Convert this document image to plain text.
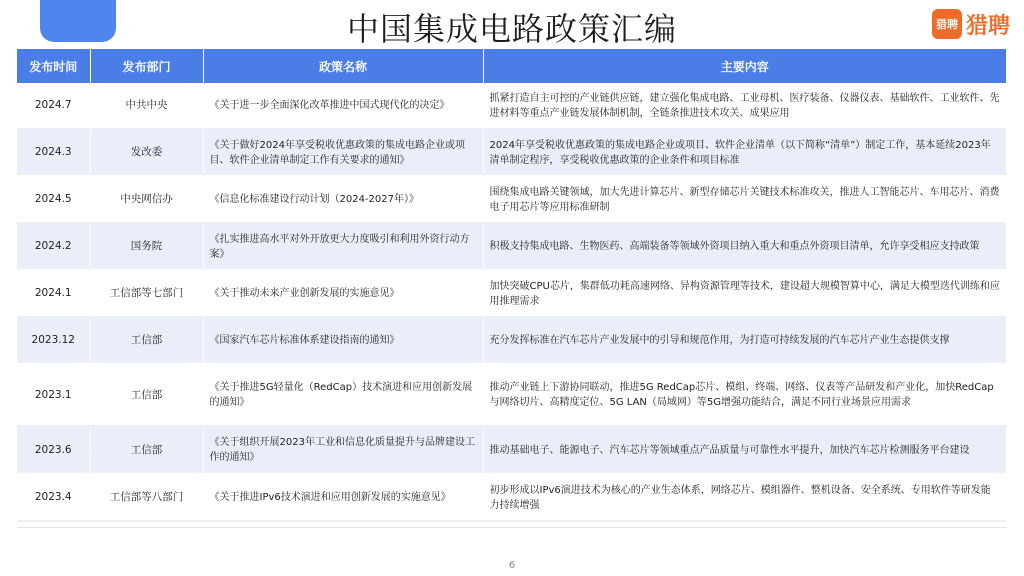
中国集成电路政策汇编	猎聘 猎聘
发布时间	发布部门	政策名称	主要内容
2024.7	中共中央	《关于进一步全面深化改革推进中国式现代化的决定》	抓紧打造自主可控的产业链供应链，建立强化集成电路、工业母机、医疗装备、仪器仪表、基础软件、工业软件、先进材料等重点产业链发展体制机制，全链条推进技术攻关、成果应用
2024.3	发改委	《关于做好2024年享受税收优惠政策的集成电路企业或项目、软件企业清单制定工作有关要求的通知》	2024年享受税收优惠政策的集成电路企业或项目、软件企业清单（以下简称“清单”）制定工作，基本延续2023年清单制定程序，享受税收优惠政策的企业条件和项目标准
2024.5	中央网信办	《信息化标准建设行动计划（2024-2027年）》	围绕集成电路关键领域，加大先进计算芯片、新型存储芯片关键技术标准攻关，推进人工智能芯片、车用芯片、消费电子用芯片等应用标准研制
2024.2	国务院	《扎实推进高水平对外开放更大力度吸引和利用外资行动方案》	积极支持集成电路、生物医药、高端装备等领域外资项目纳入重大和重点外资项目清单，允许享受相应支持政策
2024.1	工信部等七部门	《关于推动未来产业创新发展的实施意见》	加快突破CPU芯片，集群低功耗高速网络、异构资源管理等技术，建设超大规模智算中心，满足大模型迭代训练和应用推理需求
2023.12	工信部	《国家汽车芯片标准体系建设指南的通知》	充分发挥标准在汽车芯片产业发展中的引导和规范作用，为打造可持续发展的汽车芯片产业生态提供支撑
2023.1	工信部	《关于推进5G轻量化（RedCap）技术演进和应用创新发展的通知》	推动产业链上下游协同联动，推进5G RedCap芯片、模组、终端、网络、仪表等产品研发和产业化，加快RedCap与网络切片、高精度定位、5G LAN（局域网）等5G增强功能结合，满足不同行业场景应用需求
2023.6	工信部	《关于组织开展2023年工业和信息化质量提升与品牌建设工作的通知》	推动基础电子、能源电子、汽车芯片等领域重点产品质量与可靠性水平提升，加快汽车芯片检测服务平台建设
2023.4	工信部等八部门	《关于推进IPv6技术演进和应用创新发展的实施意见》	初步形成以IPv6演进技术为核心的产业生态体系，网络芯片、模组器件、整机设备、安全系统、专用软件等研发能力持续增强
6
